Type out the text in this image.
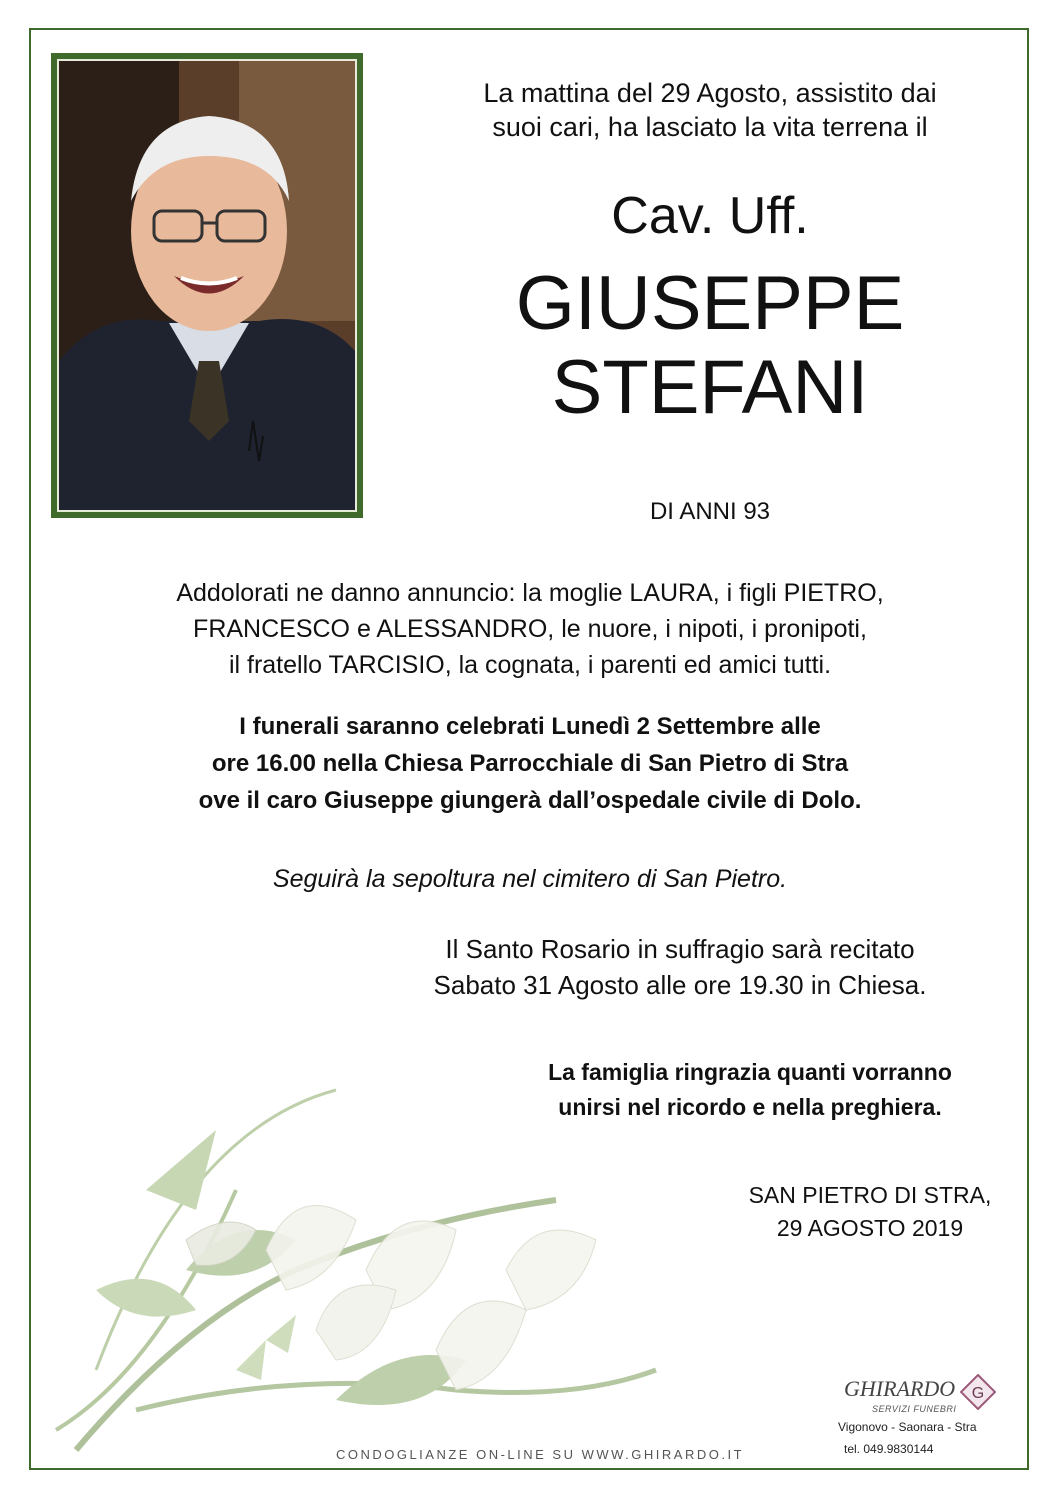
La mattina del 29 Agosto, assistito dai
suoi cari, ha lasciato la vita terrena il

Cav. Uff.

GIUSEPPE
STEFANI

DI ANNI 93

Addolorati ne danno annuncio: la moglie LAURA, i figli PIETRO,
FRANCESCO e ALESSANDRO, le nuore, i nipoti, i pronipoti,
il fratello TARCISIO, la cognata, i parenti ed amici tutti.

I funerali saranno celebrati Lunedì 2 Settembre alle
ore 16.00 nella Chiesa Parrocchiale di San Pietro di Stra
ove il caro Giuseppe giungerà dall’ospedale civile di Dolo.

Seguirà la sepoltura nel cimitero di San Pietro.

Il Santo Rosario in suffragio sarà recitato
Sabato 31 Agosto alle ore 19.30 in Chiesa.

La famiglia ringrazia quanti vorranno
unirsi nel ricordo e nella preghiera.

SAN PIETRO DI STRA,
29 AGOSTO 2019

CONDOGLIANZE ON-LINE SU WWW.GHIRARDO.IT

GHIRARDO
SERVIZI FUNEBRI
G
Vigonovo - Saonara - Stra
tel. 049.9830144
